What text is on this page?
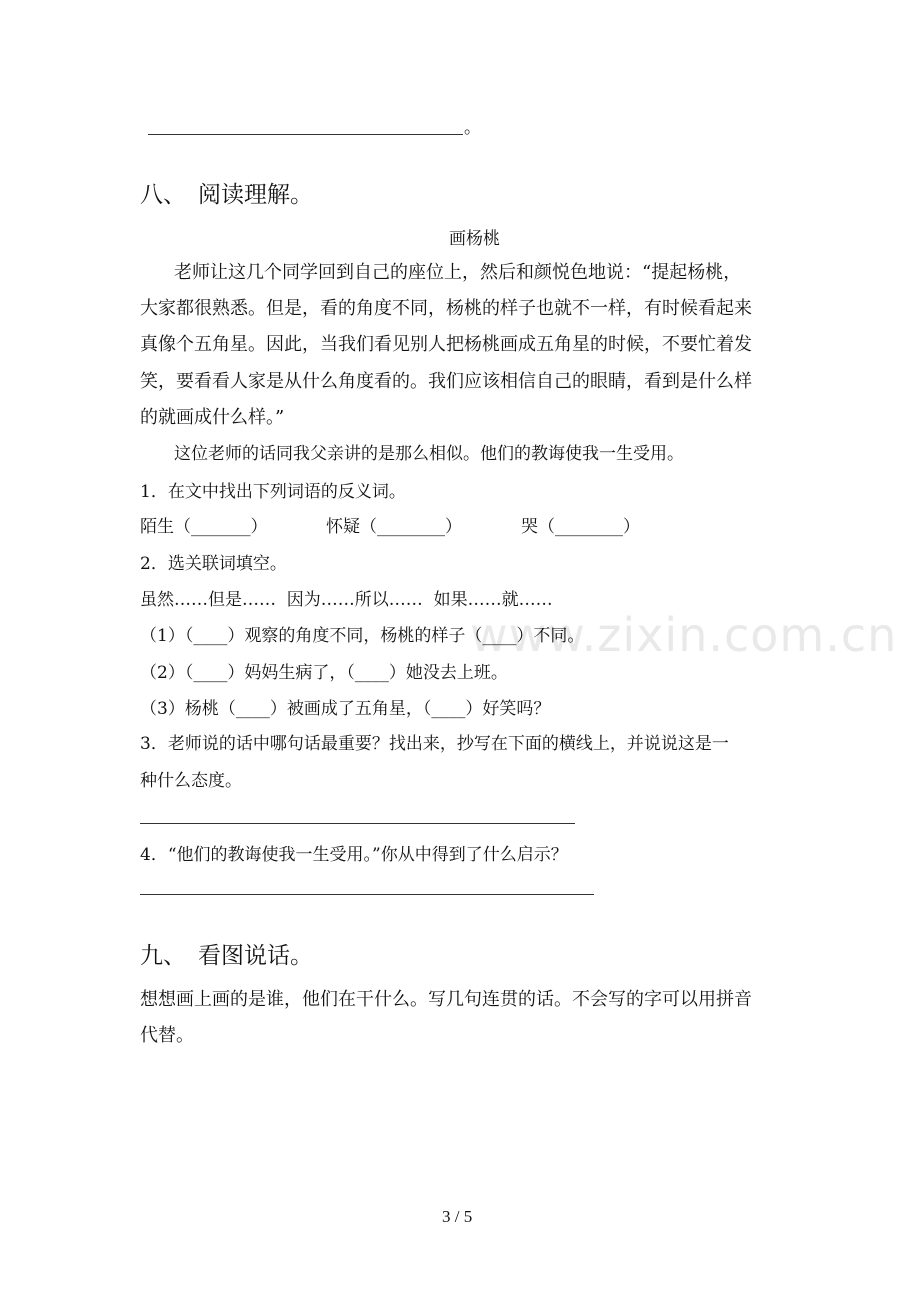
www.zixin.com.cn
。
八、 阅读理解。
画杨桃
老师让这几个同学回到自己的座位上，然后和颜悦色地说：“提起杨桃，
大家都很熟悉。但是，看的角度不同，杨桃的样子也就不一样，有时候看起来
真像个五角星。因此，当我们看见别人把杨桃画成五角星的时候，不要忙着发
笑，要看看人家是从什么角度看的。我们应该相信自己的眼睛，看到是什么样
的就画成什么样。”
这位老师的话同我父亲讲的是那么相似。他们的教诲使我一生受用。
1．在文中找出下列词语的反义词。
陌生（_______）	怀疑（________）	哭（________）
2．选关联词填空。
虽然……但是……  因为……所以……  如果……就……
（1）（____）观察的角度不同，杨桃的样子（____）不同。
（2）（____）妈妈生病了，（____）她没去上班。
（3）杨桃（____）被画成了五角星，（____）好笑吗？
3．老师说的话中哪句话最重要？找出来，抄写在下面的横线上，并说说这是一
种什么态度。
4．“他们的教诲使我一生受用。”你从中得到了什么启示？
九、 看图说话。
想想画上画的是谁，他们在干什么。写几句连贯的话。不会写的字可以用拼音
代替。
3 / 5
